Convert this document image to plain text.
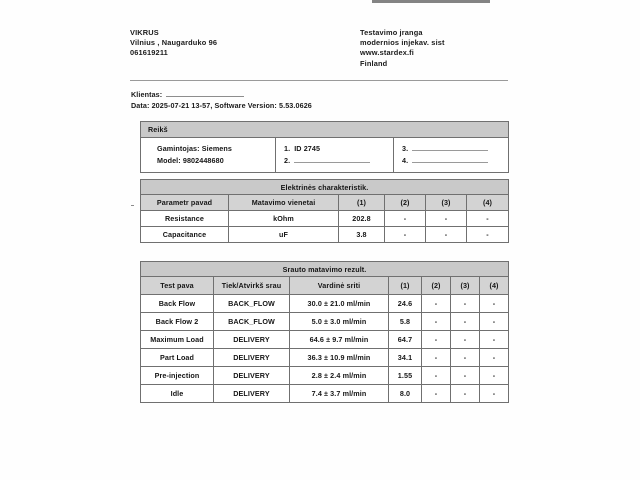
VIKRUS
Vilnius , Naugarduko 96
061619211
Testavimo jranga
modernios injekav. sist
www.stardex.fi
Finland
Klientas:
Data: 2025-07-21 13-57, Software Version: 5.53.0626
Reikš

Gamintojas: Siemens
Model: 9802448680

1. ID 2745
2.

3.
4.
Elektrinės charakteristik.					
Parametr pavad	Matavimo vienetai	(1)	(2)	(3)	(4)
Resistance	kOhm	202.8	-	-	-
Capacitance	uF	3.8	-	-	-
Srauto matavimo rezult.						
Test pava	Tiek/Atvirkš srau	Vardinė sriti	(1)	(2)	(3)	(4)
Back Flow	BACK_FLOW	30.0 ± 21.0 ml/min	24.6	-	-	-
Back Flow 2	BACK_FLOW	5.0 ± 3.0 ml/min	5.8	-	-	-
Maximum Load	DELIVERY	64.6 ± 9.7 ml/min	64.7	-	-	-
Part Load	DELIVERY	36.3 ± 10.9 ml/min	34.1	-	-	-
Pre-injection	DELIVERY	2.8 ± 2.4 ml/min	1.55	-	-	-
Idle	DELIVERY	7.4 ± 3.7 ml/min	8.0	-	-	-
